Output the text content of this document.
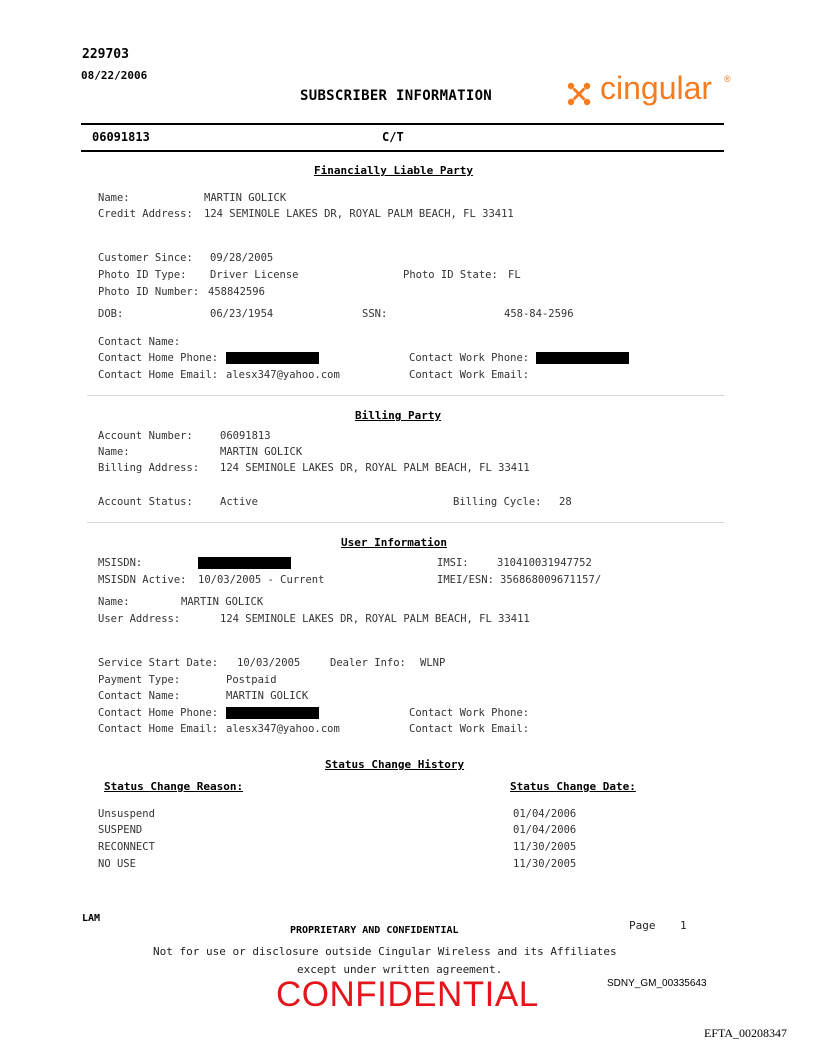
229703
08/22/2006
SUBSCRIBER INFORMATION	cingular ®
06091813	C/T
Financially Liable Party
Name:	MARTIN GOLICK
Credit Address: 124 SEMINOLE LAKES DR, ROYAL PALM BEACH, FL 33411
Customer Since: 09/28/2005
Photo ID Type: Driver License	Photo ID State: FL
Photo ID Number: 458842596
DOB:	06/23/1954	SSN:	458-84-2596
Contact Name:
Contact Home Phone:	Contact Work Phone:
Contact Home Email: alesx347@yahoo.com	Contact Work Email:
Billing Party
Account Number:	06091813
Name:	MARTIN GOLICK
Billing Address: 124 SEMINOLE LAKES DR, ROYAL PALM BEACH, FL 33411
Account Status:	Active	Billing Cycle: 28
User Information
MSISDN:	IMSI:	310410031947752
MSISDN Active: 10/03/2005 - Current	IMEI/ESN: 356868009671157/
Name:	MARTIN GOLICK
User Address:	124 SEMINOLE LAKES DR, ROYAL PALM BEACH, FL 33411
Service Start Date: 10/03/2005	Dealer Info: WLNP
Payment Type:	Postpaid
Contact Name:	MARTIN GOLICK
Contact Home Phone:	Contact Work Phone:
Contact Home Email: alesx347@yahoo.com	Contact Work Email:
Status Change History
Status Change Reason:	Status Change Date:
Unsuspend	01/04/2006
SUSPEND	01/04/2006
RECONNECT	11/30/2005
NO USE	11/30/2005
LAM
PROPRIETARY AND CONFIDENTIAL	Page 1
Not for use or disclosure outside Cingular Wireless and its Affiliates
except under written agreement.
CONFIDENTIAL	SDNY_GM_00335643
EFTA_00208347
